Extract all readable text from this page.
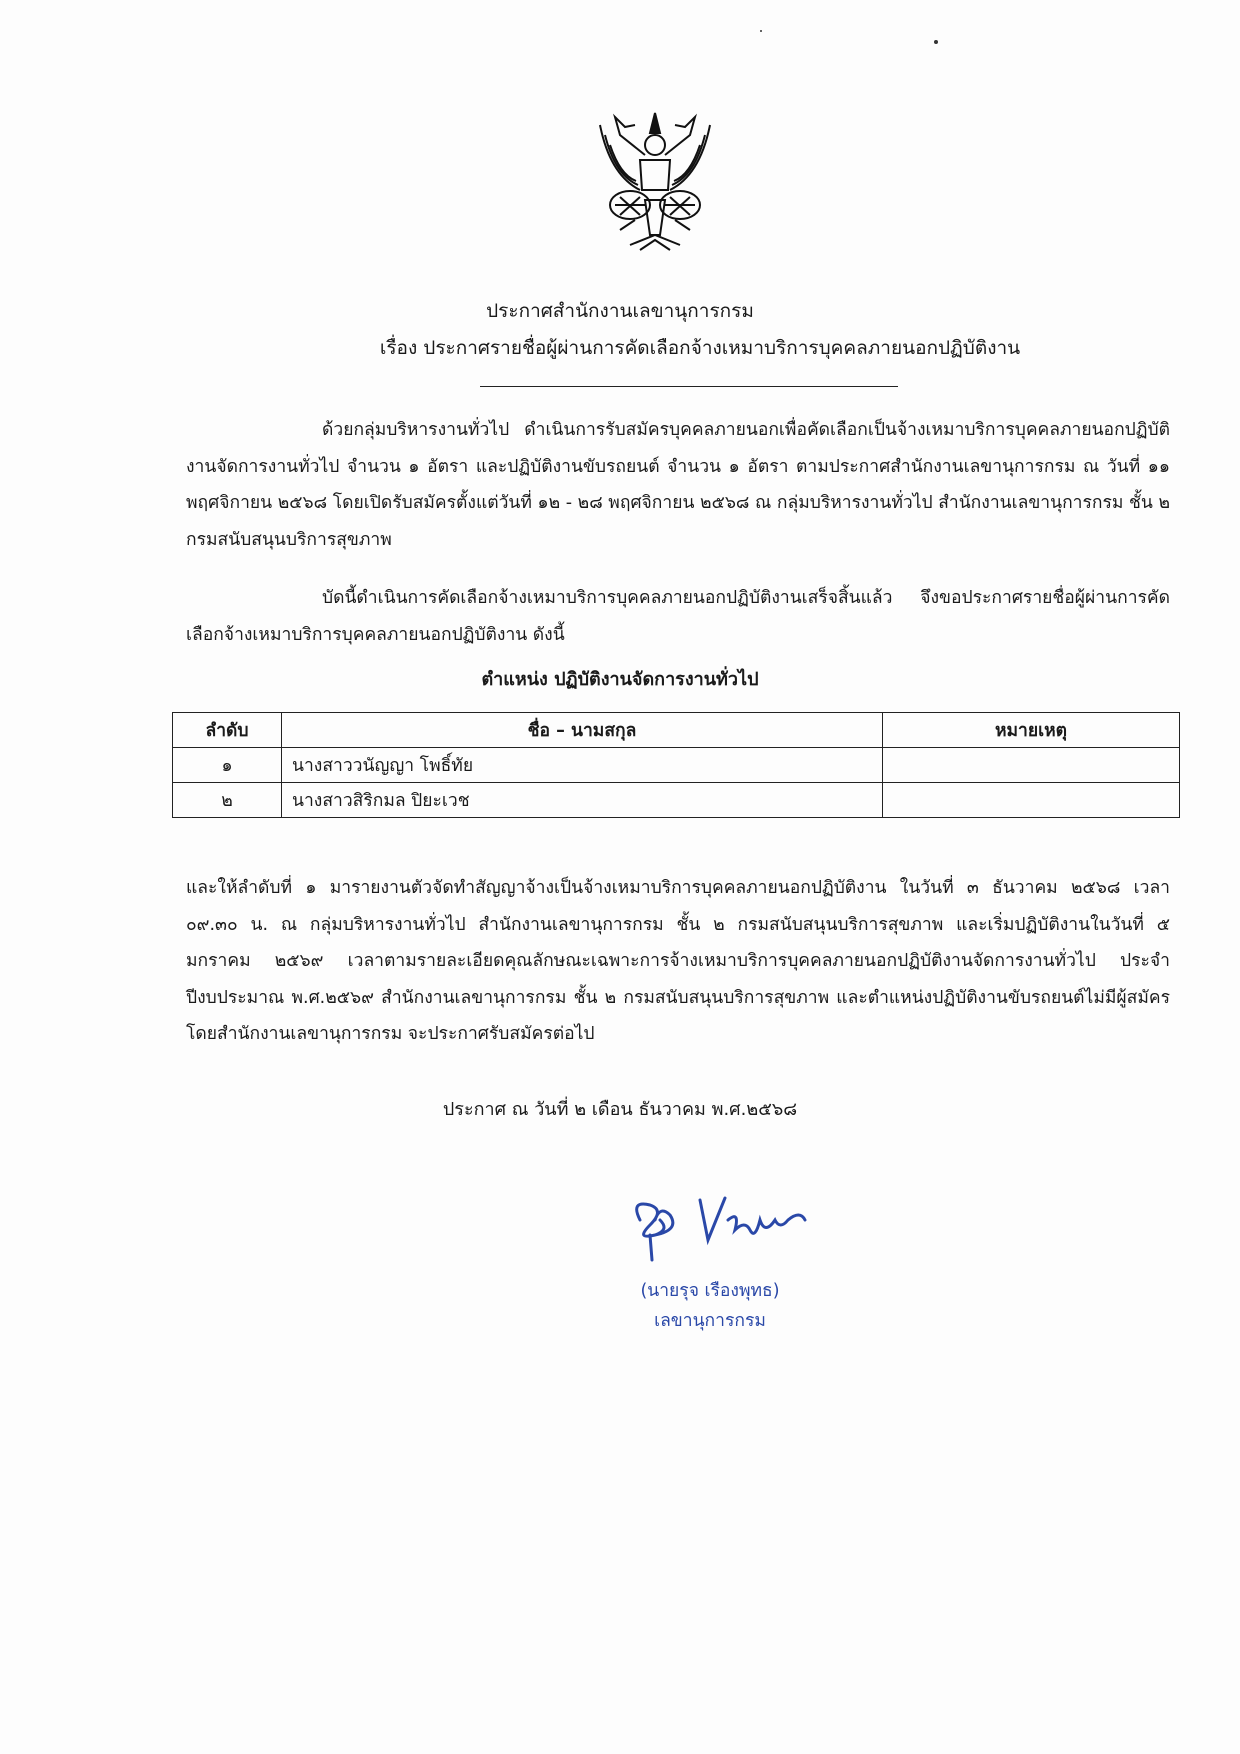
ประกาศสำนักงานเลขานุการกรม
เรื่อง ประกาศรายชื่อผู้ผ่านการคัดเลือกจ้างเหมาบริการบุคคลภายนอกปฏิบัติงาน
ด้วยกลุ่มบริหารงานทั่วไป ดำเนินการรับสมัครบุคคลภายนอกเพื่อคัดเลือกเป็นจ้างเหมาบริการบุคคลภายนอกปฏิบัติงานจัดการงานทั่วไป จำนวน ๑ อัตรา และปฏิบัติงานขับรถยนต์ จำนวน ๑ อัตรา ตามประกาศสำนักงานเลขานุการกรม ณ วันที่ ๑๑ พฤศจิกายน ๒๕๖๘ โดยเปิดรับสมัครตั้งแต่วันที่ ๑๒ - ๒๘ พฤศจิกายน ๒๕๖๘ ณ กลุ่มบริหารงานทั่วไป สำนักงานเลขานุการกรม ชั้น ๒ กรมสนับสนุนบริการสุขภาพ
บัดนี้ดำเนินการคัดเลือกจ้างเหมาบริการบุคคลภายนอกปฏิบัติงานเสร็จสิ้นแล้ว จึงขอประกาศรายชื่อผู้ผ่านการคัดเลือกจ้างเหมาบริการบุคคลภายนอกปฏิบัติงาน ดังนี้
ตำแหน่ง ปฏิบัติงานจัดการงานทั่วไป
ลำดับ	ชื่อ – นามสกุล	หมายเหตุ
๑	นางสาววนัญญา โพธิ์ทัย	
๒	นางสาวสิริกมล ปิยะเวช	
และให้ลำดับที่ ๑ มารายงานตัวจัดทำสัญญาจ้างเป็นจ้างเหมาบริการบุคคลภายนอกปฏิบัติงาน ในวันที่ ๓ ธันวาคม ๒๕๖๘ เวลา ๐๙.๓๐ น. ณ กลุ่มบริหารงานทั่วไป สำนักงานเลขานุการกรม ชั้น ๒ กรมสนับสนุนบริการสุขภาพ และเริ่มปฏิบัติงานในวันที่ ๕ มกราคม ๒๕๖๙ เวลาตามรายละเอียดคุณลักษณะเฉพาะการจ้างเหมาบริการบุคคลภายนอกปฏิบัติงานจัดการงานทั่วไป ประจำปีงบประมาณ พ.ศ.๒๕๖๙ สำนักงานเลขานุการกรม ชั้น ๒ กรมสนับสนุนบริการสุขภาพ และตำแหน่งปฏิบัติงานขับรถยนต์ไม่มีผู้สมัคร โดยสำนักงานเลขานุการกรม จะประกาศรับสมัครต่อไป
ประกาศ ณ วันที่ ๒ เดือน ธันวาคม พ.ศ.๒๕๖๘
(นายรุจ เรืองพุทธ)
เลขานุการกรม
